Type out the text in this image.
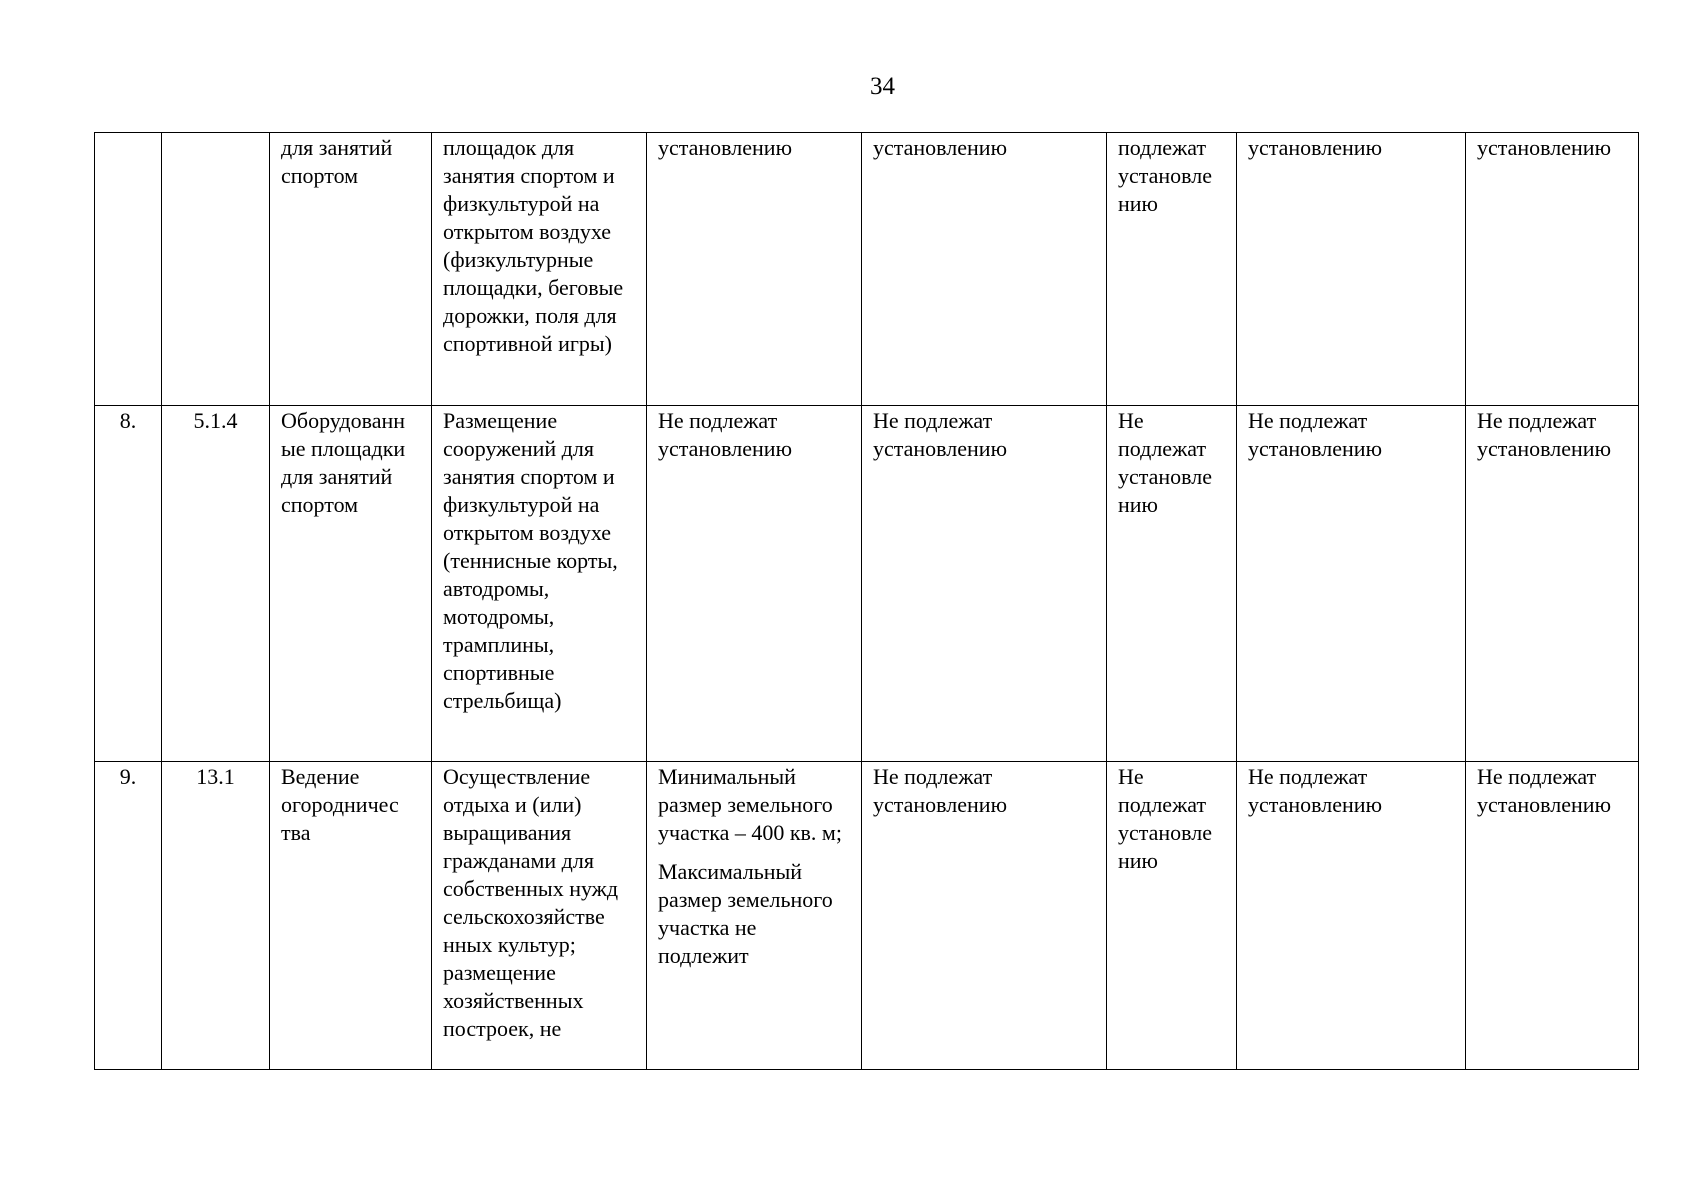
34
		для занятий спортом	площадок для занятия спортом и физкультурой на открытом воздухе (физкультурные площадки, беговые дорожки, поля для спортивной игры)	установлению	установлению	подлежат установле нию	установлению	установлению
8.	5.1.4	Оборудованн ые площадки для занятий спортом	Размещение сооружений для занятия спортом и физкультурой на открытом воздухе (теннисные корты, автодромы, мотодромы, трамплины, спортивные стрельбища)	Не подлежат установлению	Не подлежат установлению	Не подлежат установле нию	Не подлежат установлению	Не подлежат установлению
9.	13.1	Ведение огородничес тва	Осуществление отдыха и (или) выращивания гражданами для собственных нужд сельскохозяйстве нных культур; размещение хозяйственных построек, не	Минимальный размер земельного участка – 400 кв. м;
Максимальный размер земельного участка не подлежит	Не подлежат установлению	Не подлежат установле нию	Не подлежат установлению	Не подлежат установлению
